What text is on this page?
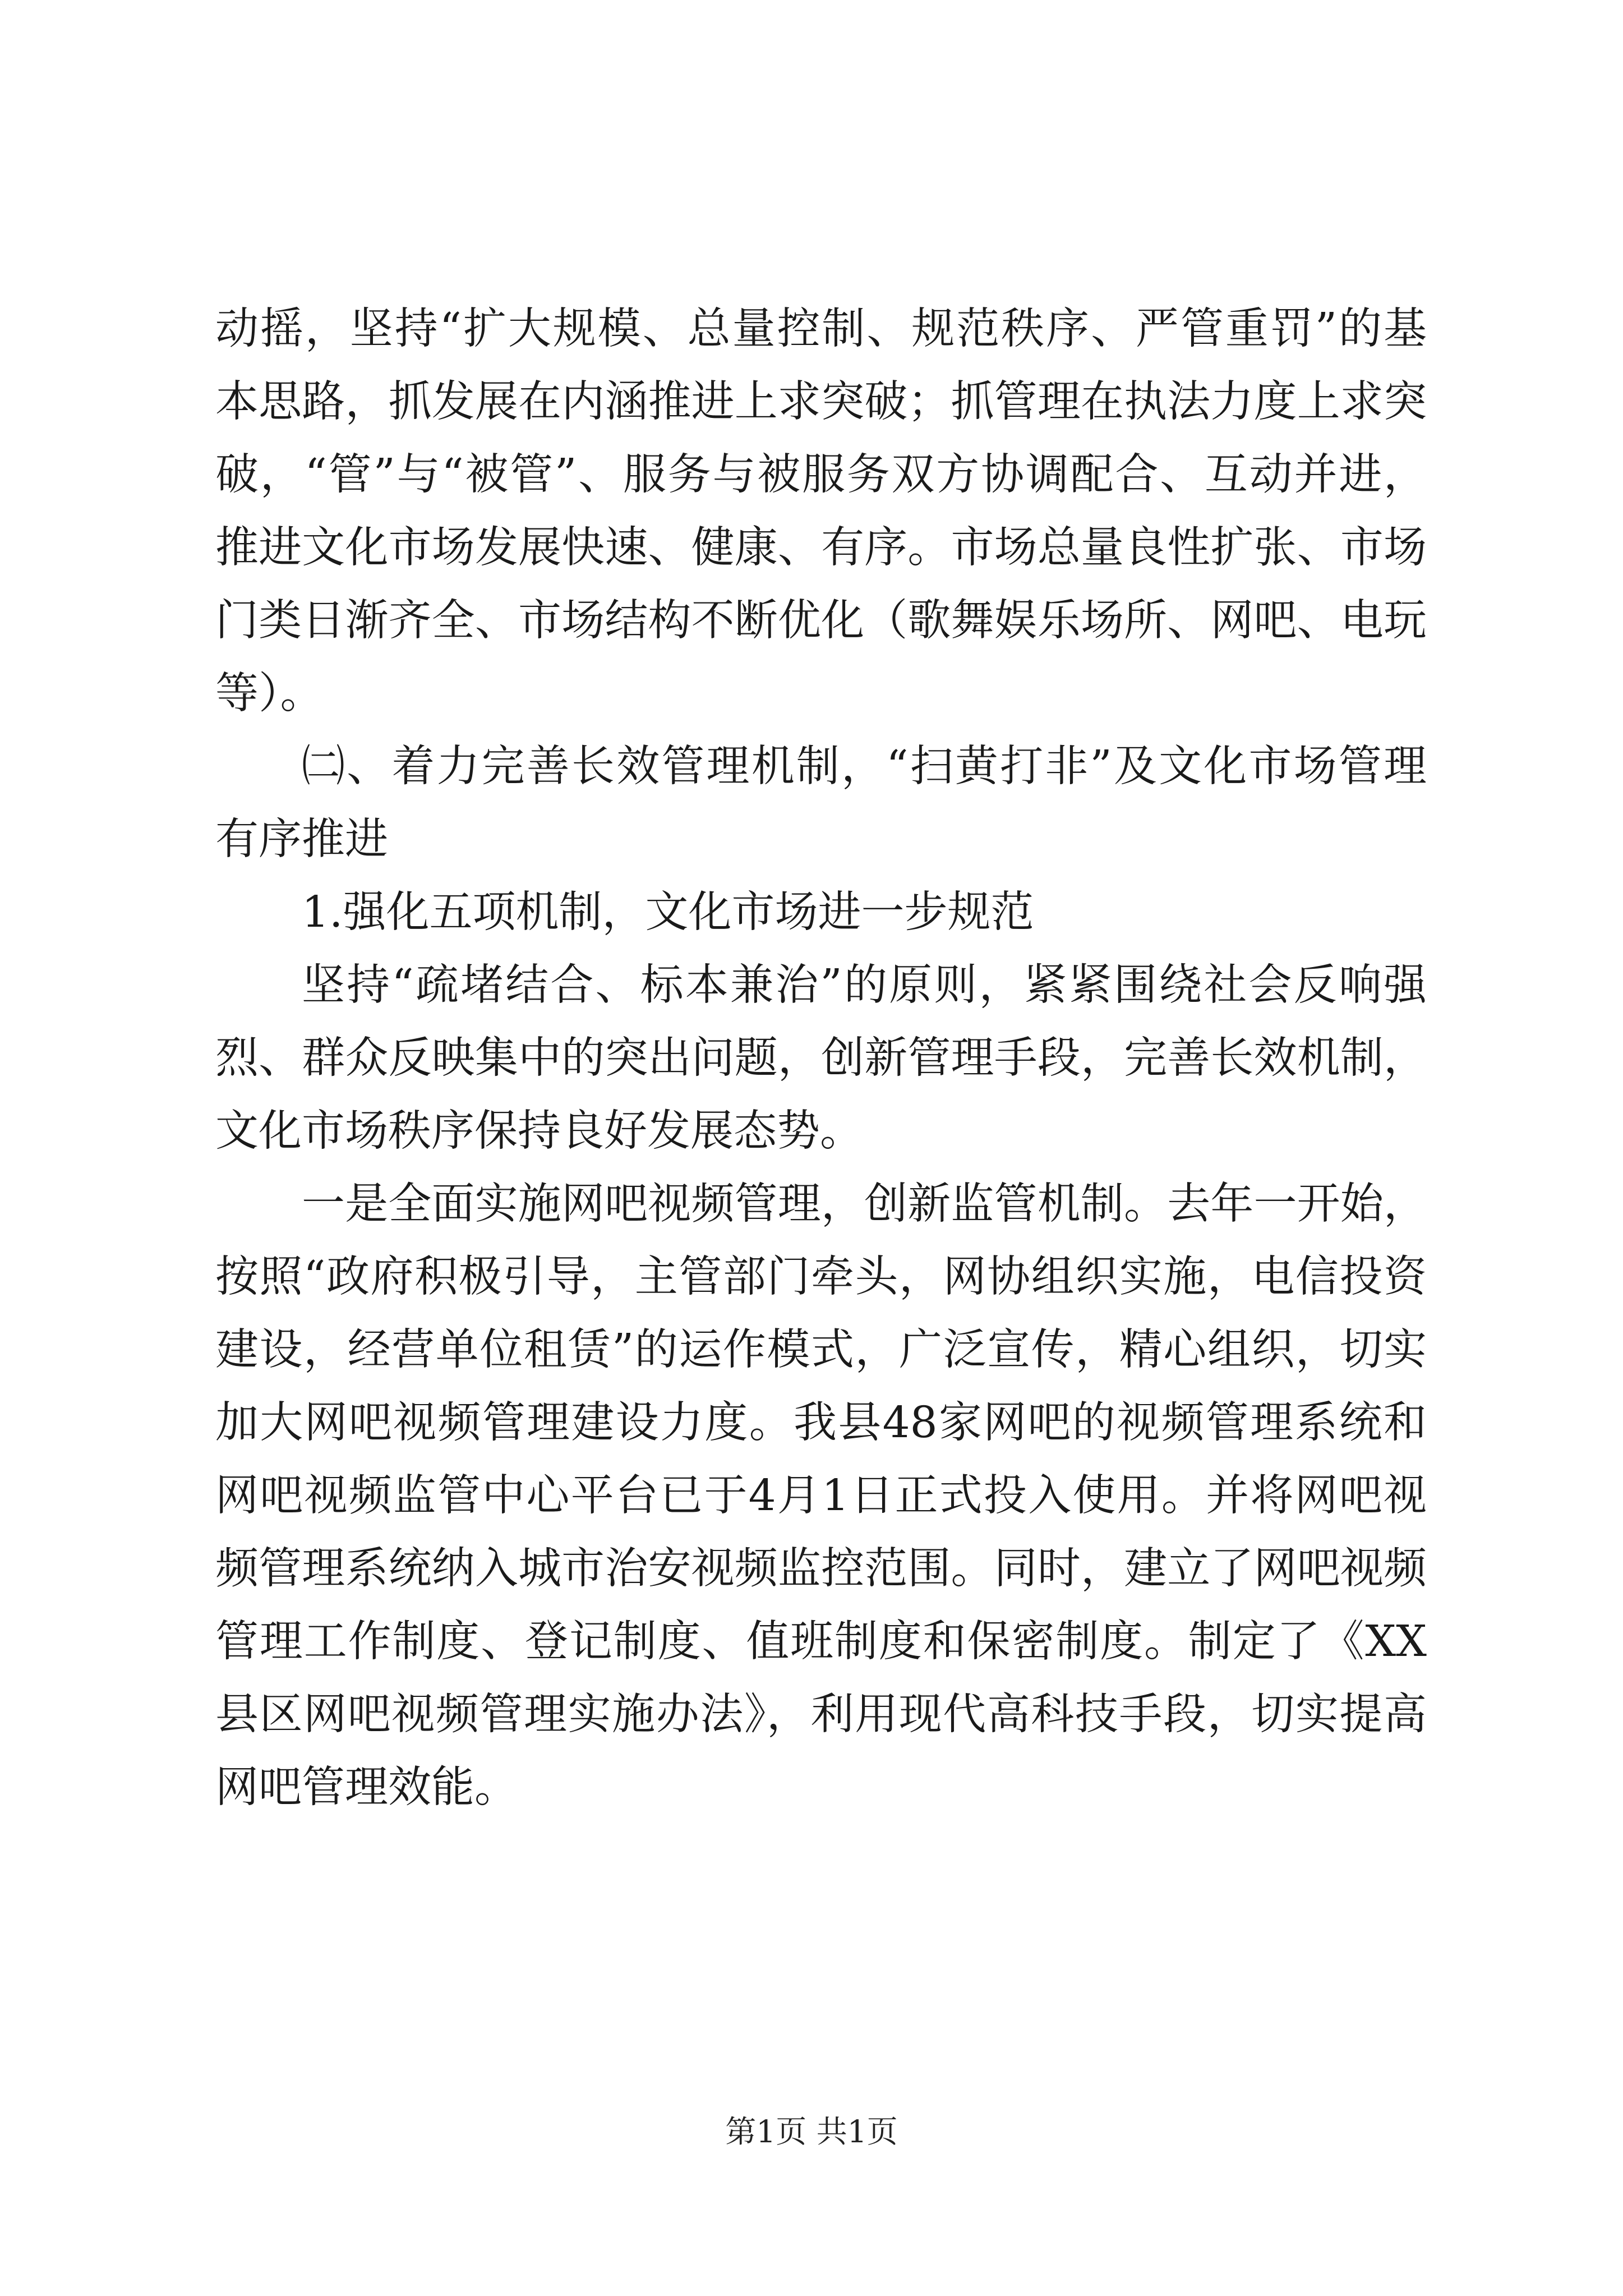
动摇，坚持“扩大规模、总量控制、规范秩序、严管重罚”的基
本思路，抓发展在内涵推进上求突破；抓管理在执法力度上求突
破，“管”与“被管”、服务与被服务双方协调配合、互动并进，
推进文化市场发展快速、健康、有序。市场总量良性扩张、市场
门类日渐齐全、市场结构不断优化（歌舞娱乐场所、网吧、电玩
等）。
㈡、着力完善长效管理机制，“扫黄打非”及文化市场管理
有序推进
1.强化五项机制，文化市场进一步规范
坚持“疏堵结合、标本兼治”的原则，紧紧围绕社会反响强
烈、群众反映集中的突出问题，创新管理手段，完善长效机制，
文化市场秩序保持良好发展态势。
一是全面实施网吧视频管理，创新监管机制。去年一开始，
按照“政府积极引导，主管部门牵头，网协组织实施，电信投资
建设，经营单位租赁”的运作模式，广泛宣传，精心组织，切实
加大网吧视频管理建设力度。我县48家网吧的视频管理系统和
网吧视频监管中心平台已于4月1日正式投入使用。并将网吧视
频管理系统纳入城市治安视频监控范围。同时，建立了网吧视频
管理工作制度、登记制度、值班制度和保密制度。制定了《XX
县区网吧视频管理实施办法》，利用现代高科技手段，切实提高
网吧管理效能。
第1页 共1页
